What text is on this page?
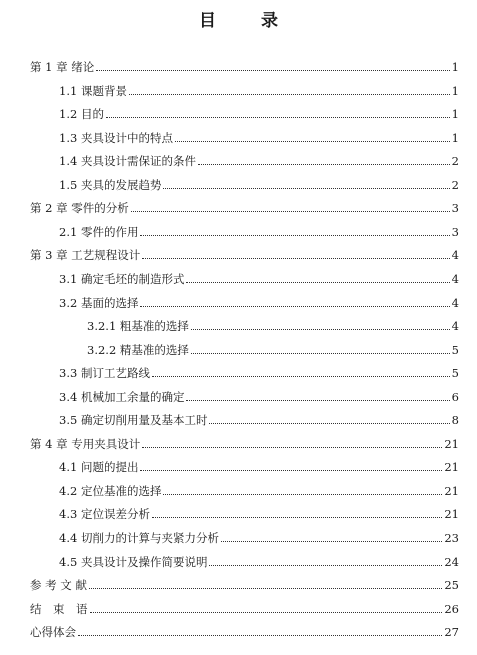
目　录
第 1 章 绪论	1
1.1 课题背景	1
1.2 目的	1
1.3 夹具设计中的特点	1
1.4 夹具设计需保证的条件	2
1.5 夹具的发展趋势	2
第 2 章 零件的分析	3
2.1 零件的作用	3
第 3 章 工艺规程设计	4
3.1 确定毛坯的制造形式	4
3.2 基面的选择	4
3.2.1 粗基准的选择	4
3.2.2 精基准的选择	5
3.3 制订工艺路线	5
3.4 机械加工余量的确定	6
3.5 确定切削用量及基本工时	8
第 4 章 专用夹具设计	21
4.1 问题的提出	21
4.2 定位基准的选择	21
4.3 定位误差分析	21
4.4 切削力的计算与夹紧力分析	23
4.5 夹具设计及操作简要说明	24
参 考 文 献	25
结　束　语	26
心得体会	27
